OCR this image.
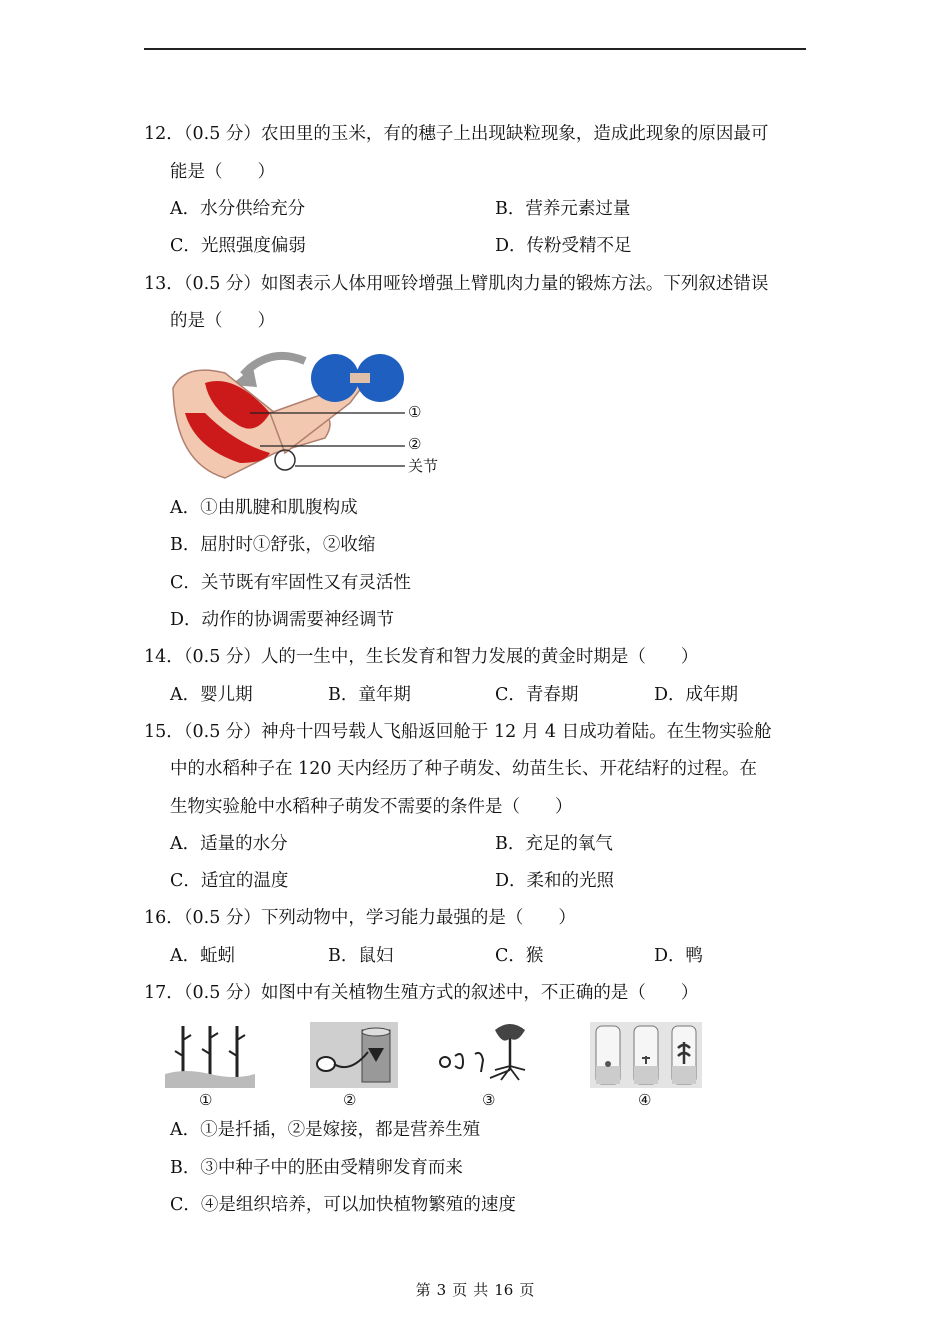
12．（0.5 分）农田里的玉米，有的穗子上出现缺粒现象，造成此现象的原因最可
能是（　　）
A．水分供给充分	B．营养元素过量
C．光照强度偏弱	D．传粉受精不足
13．（0.5 分）如图表示人体用哑铃增强上臂肌肉力量的锻炼方法。下列叙述错误
的是（　　）
①
②
关节
A．①由肌腱和肌腹构成
B．屈肘时①舒张，②收缩
C．关节既有牢固性又有灵活性
D．动作的协调需要神经调节
14．（0.5 分）人的一生中，生长发育和智力发展的黄金时期是（　　）
A．婴儿期	B．童年期	C．青春期	D．成年期
15．（0.5 分）神舟十四号载人飞船返回舱于 12 月 4 日成功着陆。在生物实验舱
中的水稻种子在 120 天内经历了种子萌发、幼苗生长、开花结籽的过程。在
生物实验舱中水稻种子萌发不需要的条件是（　　）
A．适量的水分	B．充足的氧气
C．适宜的温度	D．柔和的光照
16．（0.5 分）下列动物中，学习能力最强的是（　　）
A．蚯蚓	B．鼠妇	C．猴	D．鸭
17．（0.5 分）如图中有关植物生殖方式的叙述中，不正确的是（　　）
①	②	③	④
A．①是扦插，②是嫁接，都是营养生殖
B．③中种子中的胚由受精卵发育而来
C．④是组织培养，可以加快植物繁殖的速度
第 3 页 共 16 页
